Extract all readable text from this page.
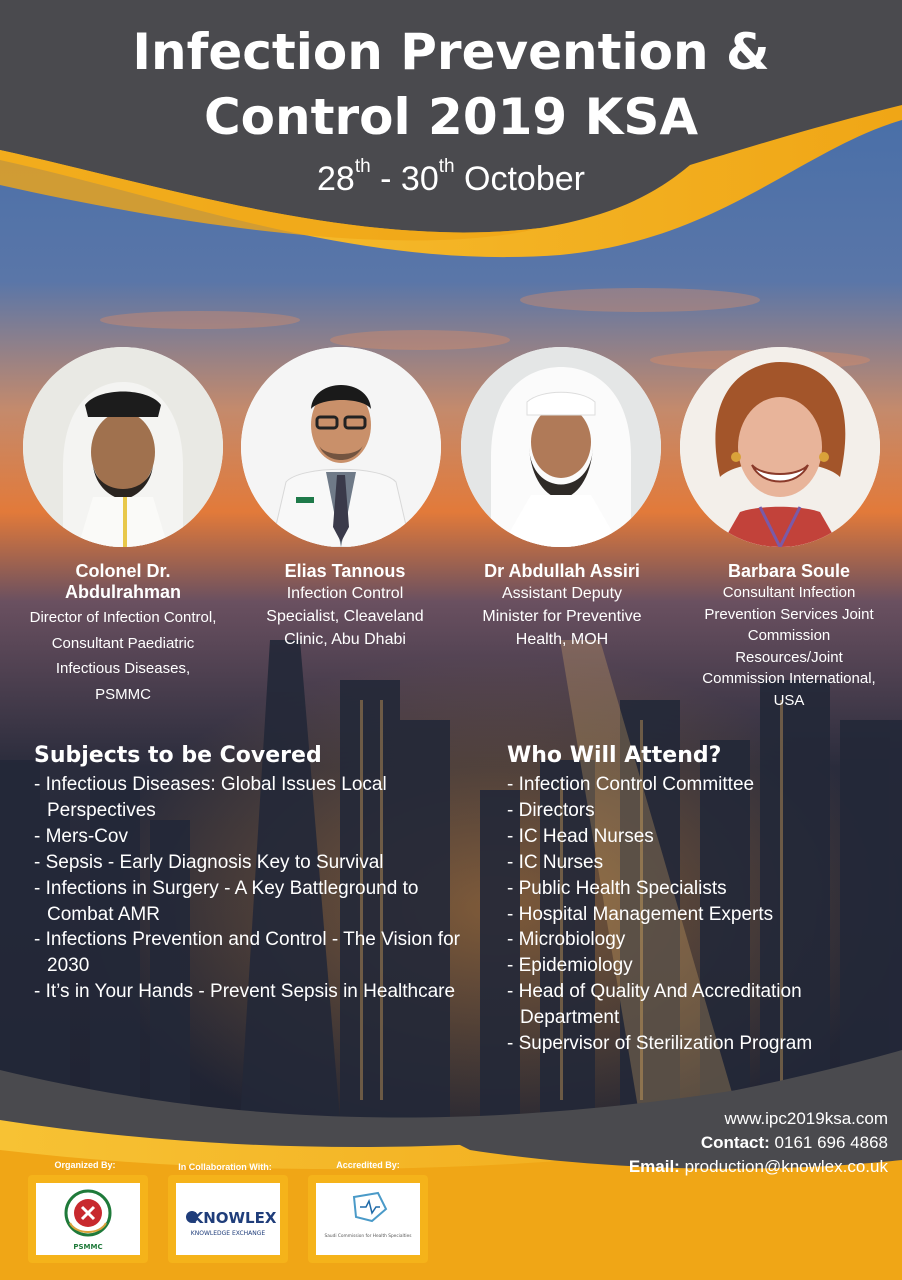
Infection Prevention &
Control 2019 KSA
28th - 30th October
Colonel Dr.
Abdulrahman
Director of Infection Control,
Consultant Paediatric
Infectious Diseases,
PSMMC
Elias Tannous
Infection Control
Specialist, Cleaveland
Clinic, Abu Dhabi
Dr Abdullah Assiri
Assistant Deputy
Minister for Preventive
Health, MOH
Barbara Soule
Consultant Infection
Prevention Services Joint
Commission
Resources/Joint
Commission International,
USA
Subjects to be Covered
- Infectious Diseases: Global Issues Local Perspectives
- Mers-Cov
- Sepsis - Early Diagnosis Key to Survival
- Infections in Surgery - A Key Battleground to Combat AMR
- Infections Prevention and Control - The Vision for 2030
- It’s in Your Hands - Prevent Sepsis in Healthcare
Who Will Attend?
- Infection Control Committee
- Directors
- IC Head Nurses
- IC Nurses
- Public Health Specialists
- Hospital Management Experts
- Microbiology
- Epidemiology
- Head of Quality And Accreditation Department
- Supervisor of Sterilization Program
www.ipc2019ksa.com
Contact: 0161 696 4868
Email: production@knowlex.co.uk
Organized By:	In Collaboration With:	Accredited By:
PSMMC
KNOWLEX
KNOWLEDGE EXCHANGE	Saudi Commission for Health Specialties
